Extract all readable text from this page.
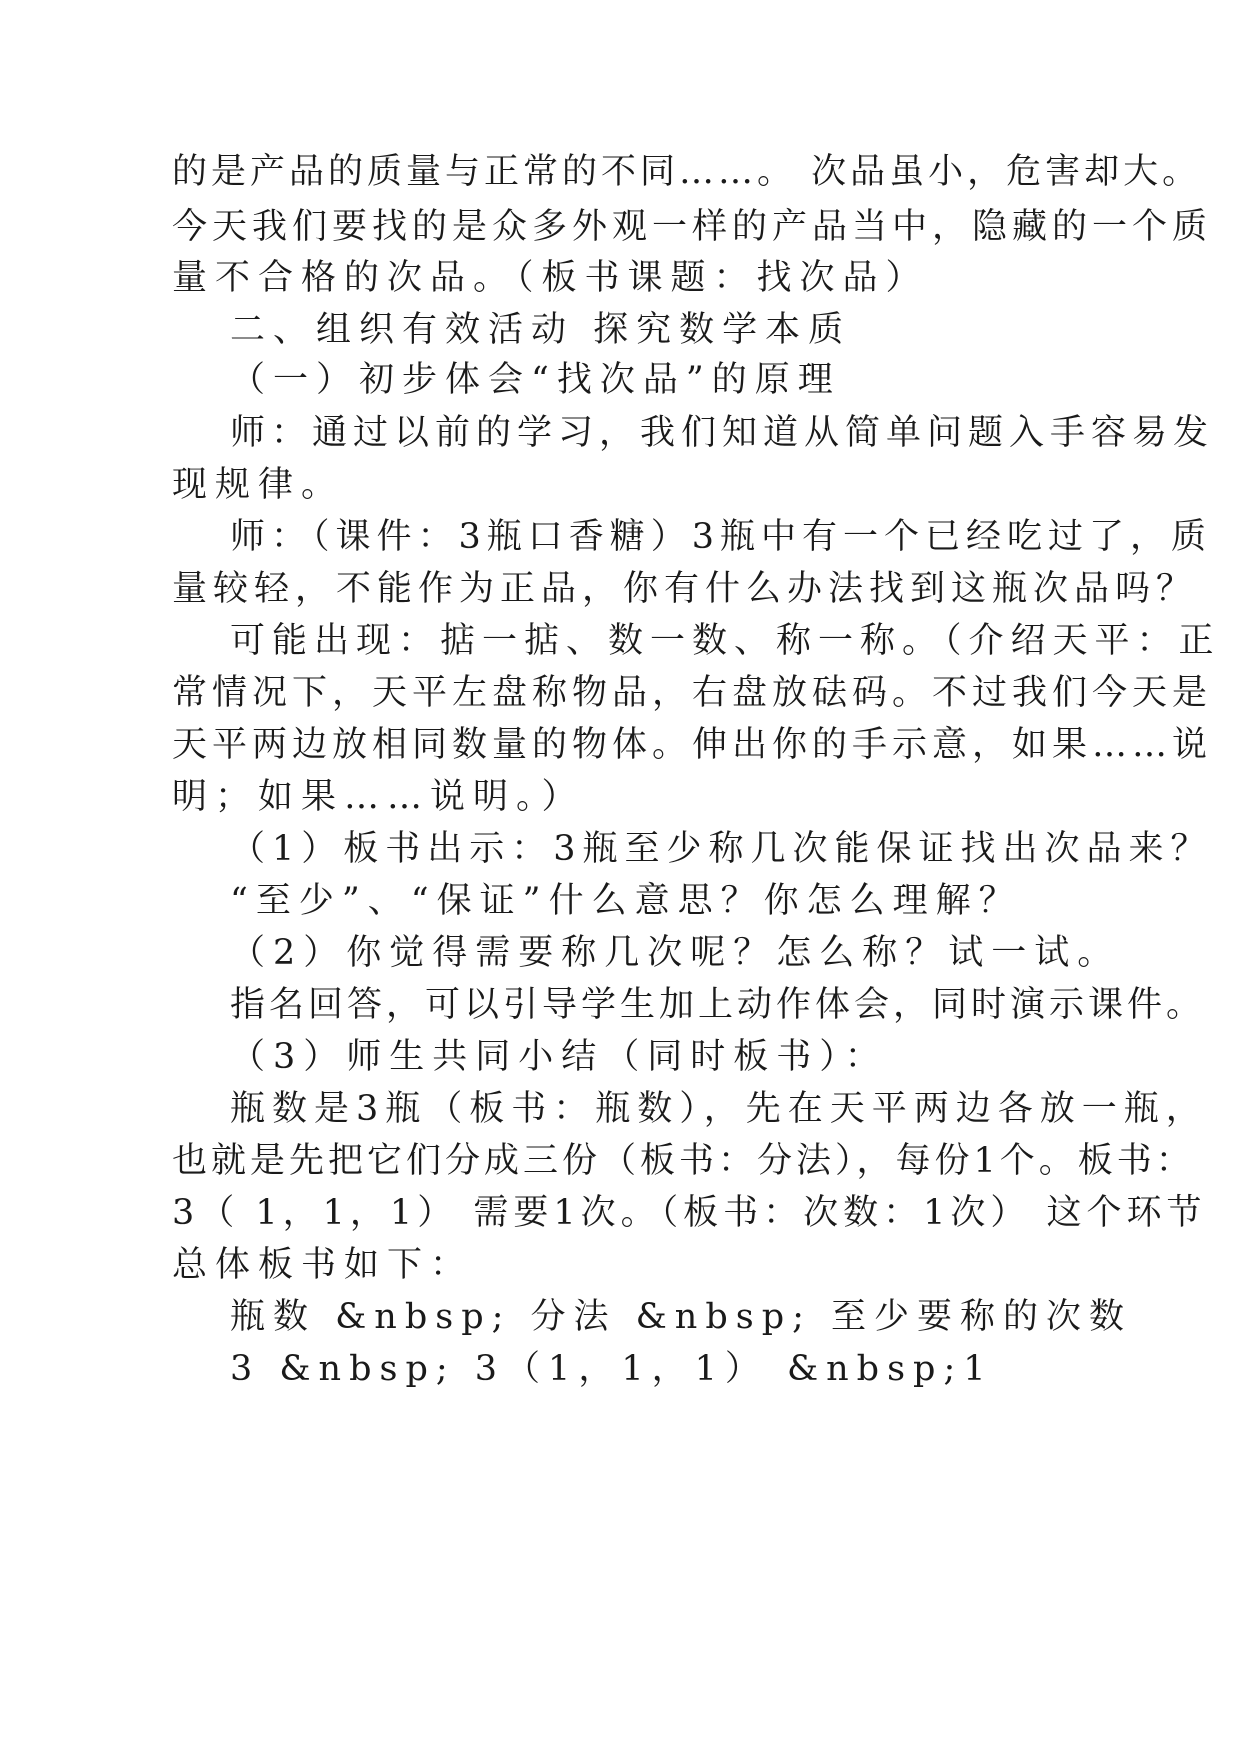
的是产品的质量与正常的不同……。 次品虽小，危害却大。
今天我们要找的是众多外观一样的产品当中，隐藏的一个质
量不合格的次品。（板书课题：找次品）
二、组织有效活动 探究数学本质
（一）初步体会“找次品”的原理
师：通过以前的学习，我们知道从简单问题入手容易发
现规律。
师：（课件：3瓶口香糖）3瓶中有一个已经吃过了，质
量较轻，不能作为正品，你有什么办法找到这瓶次品吗？
可能出现：掂一掂、数一数、称一称。（介绍天平：正
常情况下，天平左盘称物品，右盘放砝码。不过我们今天是
天平两边放相同数量的物体。伸出你的手示意，如果……说
明；如果……说明。）
（1）板书出示：3瓶至少称几次能保证找出次品来？
“至少”、“保证”什么意思？你怎么理解？
（2）你觉得需要称几次呢？怎么称？试一试。
指名回答，可以引导学生加上动作体会，同时演示课件。
（3）师生共同小结（同时板书）：
瓶数是3瓶（板书：瓶数），先在天平两边各放一瓶，
也就是先把它们分成三份（板书：分法），每份1个。板书：
3（ 1，1，1） 需要1次。（板书：次数：1次） 这个环节
总体板书如下：
瓶数 &nbsp; 分法 &nbsp; 至少要称的次数
3 &nbsp; 3（1，1，1） &nbsp;1
